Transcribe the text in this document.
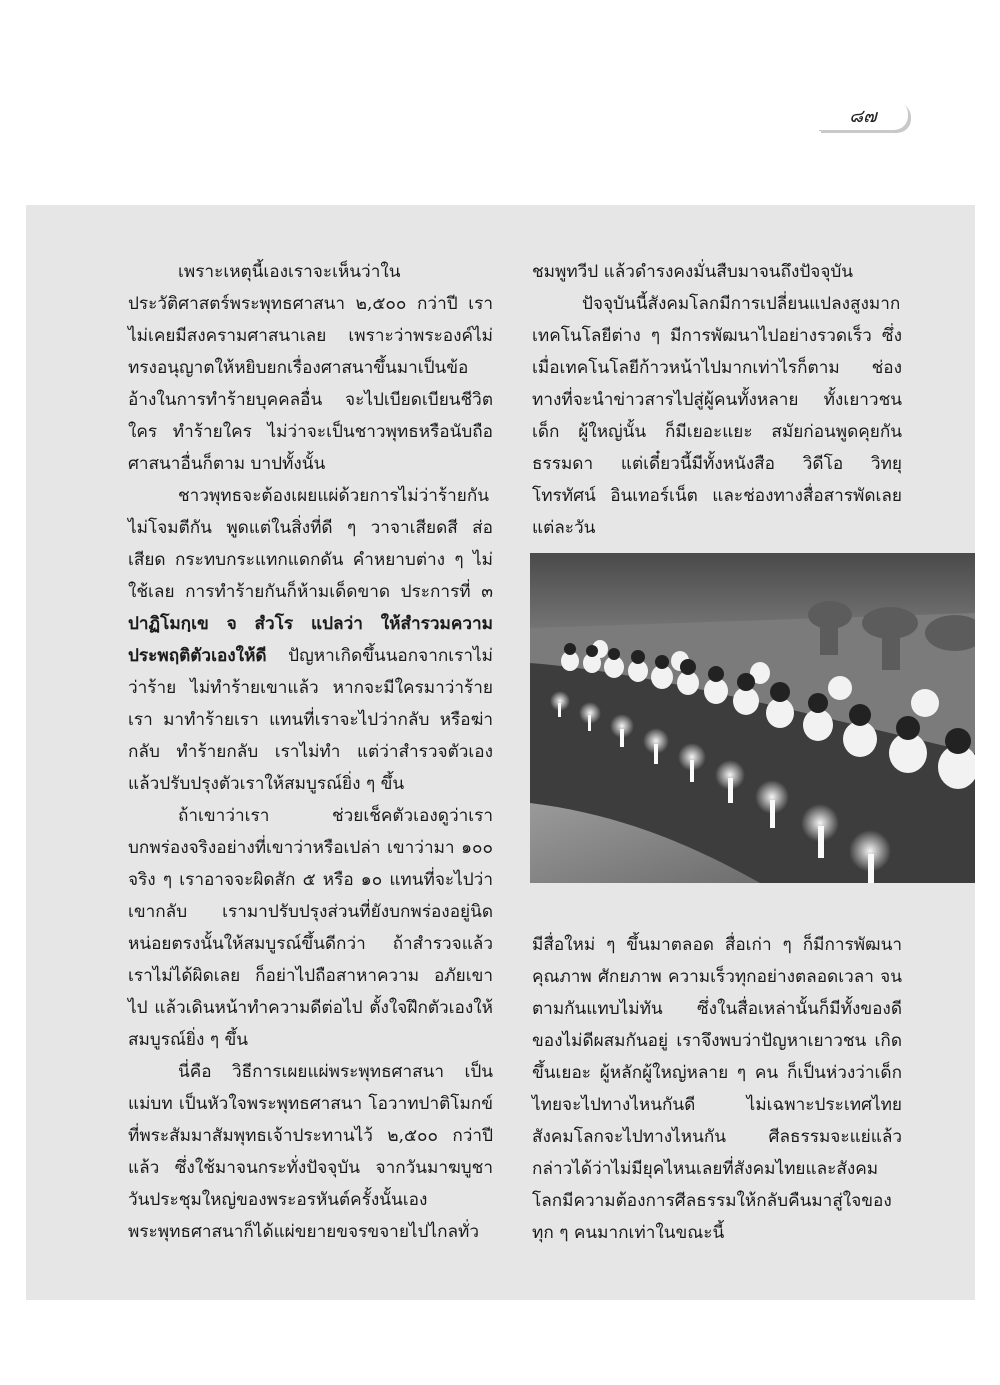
๘๗

เพราะเหตุนี้เองเราจะเห็นว่าในประวัติศาสตร์พระพุทธศาสนา ๒,๕๐๐ กว่าปี เราไม่เคยมีสงครามศาสนาเลย เพราะว่าพระองค์ไม่ทรงอนุญาตให้หยิบยกเรื่องศาสนาขึ้นมาเป็นข้ออ้างในการทำร้ายบุคคลอื่น จะไปเบียดเบียนชีวิตใคร ทำร้ายใคร ไม่ว่าจะเป็นชาวพุทธหรือนับถือศาสนาอื่นก็ตาม บาปทั้งนั้น

ชาวพุทธจะต้องเผยแผ่ด้วยการไม่ว่าร้ายกัน ไม่โจมตีกัน พูดแต่ในสิ่งที่ดี ๆ วาจาเสียดสี ส่อเสียด กระทบกระแทกแดกดัน คำหยาบต่าง ๆ ไม่ใช้เลย การทำร้ายกันก็ห้ามเด็ดขาด ประการที่ ๓ ปาฏิโมกฺเข จ สํวโร แปลว่า ให้สำรวมความประพฤติตัวเองให้ดี ปัญหาเกิดขึ้นนอกจากเราไม่ว่าร้าย ไม่ทำร้ายเขาแล้ว หากจะมีใครมาว่าร้ายเรา มาทำร้ายเรา แทนที่เราจะไปว่ากลับ หรือฆ่ากลับ ทำร้ายกลับ เราไม่ทำ แต่ว่าสำรวจตัวเอง แล้วปรับปรุงตัวเราให้สมบูรณ์ยิ่ง ๆ ขึ้น

ถ้าเขาว่าเรา ช่วยเช็คตัวเองดูว่าเราบกพร่องจริงอย่างที่เขาว่าหรือเปล่า เขาว่ามา ๑๐๐ จริง ๆ เราอาจจะผิดสัก ๕ หรือ ๑๐ แทนที่จะไปว่าเขากลับ เรามาปรับปรุงส่วนที่ยังบกพร่องอยู่นิดหน่อยตรงนั้นให้สมบูรณ์ขึ้นดีกว่า ถ้าสำรวจแล้วเราไม่ได้ผิดเลย ก็อย่าไปถือสาหาความ อภัยเขาไป แล้วเดินหน้าทำความดีต่อไป ตั้งใจฝึกตัวเองให้สมบูรณ์ยิ่ง ๆ ขึ้น

นี่คือ วิธีการเผยแผ่พระพุทธศาสนา เป็นแม่บท เป็นหัวใจพระพุทธศาสนา โอวาทปาติโมกข์ที่พระสัมมาสัมพุทธเจ้าประทานไว้ ๒,๕๐๐ กว่าปีแล้ว ซึ่งใช้มาจนกระทั่งปัจจุบัน จากวันมาฆบูชา วันประชุมใหญ่ของพระอรหันต์ครั้งนั้นเอง พระพุทธศาสนาก็ได้แผ่ขยายขจรขจายไปไกลทั่ว

ชมพูทวีป แล้วดำรงคงมั่นสืบมาจนถึงปัจจุบัน

ปัจจุบันนี้สังคมโลกมีการเปลี่ยนแปลงสูงมาก เทคโนโลยีต่าง ๆ มีการพัฒนาไปอย่างรวดเร็ว ซึ่ง เมื่อเทคโนโลยีก้าวหน้าไปมากเท่าไรก็ตาม ช่องทางที่จะนำข่าวสารไปสู่ผู้คนทั้งหลาย ทั้งเยาวชน เด็ก ผู้ใหญ่นั้น ก็มีเยอะแยะ สมัยก่อนพูดคุยกันธรรมดา แต่เดี๋ยวนี้มีทั้งหนังสือ วิดีโอ วิทยุ โทรทัศน์ อินเทอร์เน็ต และช่องทางสื่อสารพัดเลย แต่ละวัน

มีสื่อใหม่ ๆ ขึ้นมาตลอด สื่อเก่า ๆ ก็มีการพัฒนาคุณภาพ ศักยภาพ ความเร็วทุกอย่างตลอดเวลา จนตามกันแทบไม่ทัน ซึ่งในสื่อเหล่านั้นก็มีทั้งของดี ของไม่ดีผสมกันอยู่ เราจึงพบว่าปัญหาเยาวชน เกิดขึ้นเยอะ ผู้หลักผู้ใหญ่หลาย ๆ คน ก็เป็นห่วงว่าเด็กไทยจะไปทางไหนกันดี ไม่เฉพาะประเทศไทย สังคมโลกจะไปทางไหนกัน ศีลธรรมจะแย่แล้ว กล่าวได้ว่าไม่มียุคไหนเลยที่สังคมไทยและสังคมโลกมีความต้องการศีลธรรมให้กลับคืนมาสู่ใจของทุก ๆ คนมากเท่าในขณะนี้
